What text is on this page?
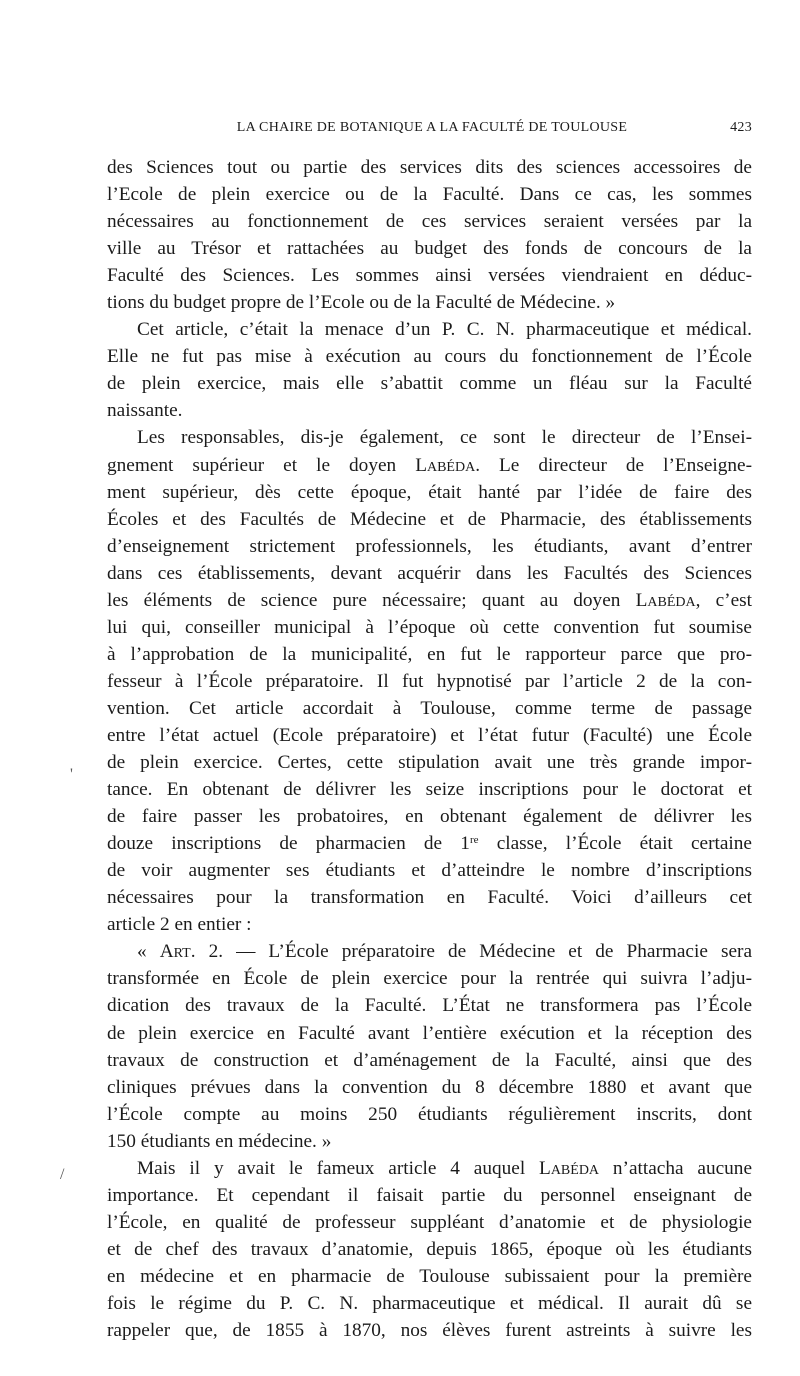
LA CHAIRE DE BOTANIQUE A LA FACULTÉ DE TOULOUSE	423
'
/
des Sciences tout ou partie des services dits des sciences accessoires de
l’Ecole de plein exercice ou de la Faculté. Dans ce cas, les sommes
nécessaires au fonctionnement de ces services seraient versées par la
ville au Trésor et rattachées au budget des fonds de concours de la
Faculté des Sciences. Les sommes ainsi versées viendraient en déduc-
tions du budget propre de l’Ecole ou de la Faculté de Médecine. »
Cet article, c’était la menace d’un P. C. N. pharmaceutique et médical.
Elle ne fut pas mise à exécution au cours du fonctionnement de l’École
de plein exercice, mais elle s’abattit comme un fléau sur la Faculté
naissante.
Les responsables, dis-je également, ce sont le directeur de l’Ensei-
gnement supérieur et le doyen Labéda. Le directeur de l’Enseigne-
ment supérieur, dès cette époque, était hanté par l’idée de faire des
Écoles et des Facultés de Médecine et de Pharmacie, des établissements
d’enseignement strictement professionnels, les étudiants, avant d’entrer
dans ces établissements, devant acquérir dans les Facultés des Sciences
les éléments de science pure nécessaire; quant au doyen Labéda, c’est
lui qui, conseiller municipal à l’époque où cette convention fut soumise
à l’approbation de la municipalité, en fut le rapporteur parce que pro-
fesseur à l’École préparatoire. Il fut hypnotisé par l’article 2 de la con-
vention. Cet article accordait à Toulouse, comme terme de passage
entre l’état actuel (Ecole préparatoire) et l’état futur (Faculté) une École
de plein exercice. Certes, cette stipulation avait une très grande impor-
tance. En obtenant de délivrer les seize inscriptions pour le doctorat et
de faire passer les probatoires, en obtenant également de délivrer les
douze inscriptions de pharmacien de 1re classe, l’École était certaine
de voir augmenter ses étudiants et d’atteindre le nombre d’inscriptions
nécessaires pour la transformation en Faculté. Voici d’ailleurs cet
article 2 en entier :
« Art. 2. — L’École préparatoire de Médecine et de Pharmacie sera
transformée en École de plein exercice pour la rentrée qui suivra l’adju-
dication des travaux de la Faculté. L’État ne transformera pas l’École
de plein exercice en Faculté avant l’entière exécution et la réception des
travaux de construction et d’aménagement de la Faculté, ainsi que des
cliniques prévues dans la convention du 8 décembre 1880 et avant que
l’École compte au moins 250 étudiants régulièrement inscrits, dont
150 étudiants en médecine. »
Mais il y avait le fameux article 4 auquel Labéda n’attacha aucune
importance. Et cependant il faisait partie du personnel enseignant de
l’École, en qualité de professeur suppléant d’anatomie et de physiologie
et de chef des travaux d’anatomie, depuis 1865, époque où les étudiants
en médecine et en pharmacie de Toulouse subissaient pour la première
fois le régime du P. C. N. pharmaceutique et médical. Il aurait dû se
rappeler que, de 1855 à 1870, nos élèves furent astreints à suivre les
